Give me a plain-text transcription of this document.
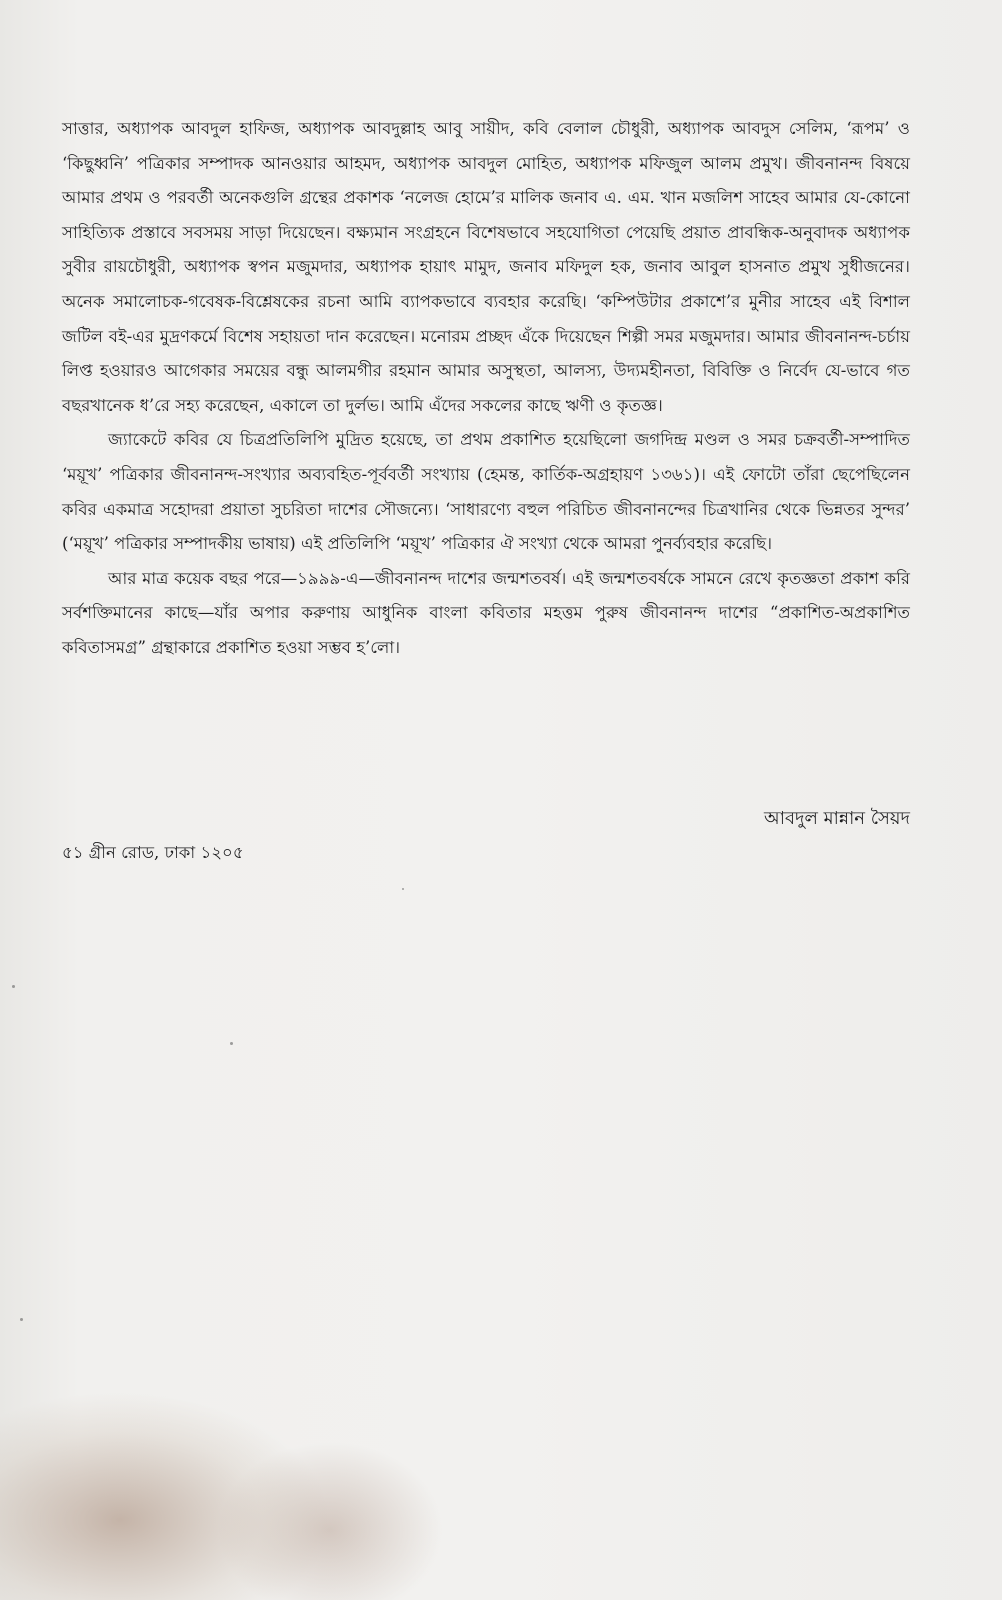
সাত্তার, অধ্যাপক আবদুল হাফিজ, অধ্যাপক আবদুল্লাহ আবু সায়ীদ, কবি বেলাল চৌধুরী, অধ্যাপক আবদুস সেলিম, ‘রূপম’ ও ‘কিছুধ্বনি’ পত্রিকার সম্পাদক আনওয়ার আহমদ, অধ্যাপক আবদুল মোহিত, অধ্যাপক মফিজুল আলম প্রমুখ। জীবনানন্দ বিষয়ে আমার প্রথম ও পরবর্তী অনেকগুলি গ্রন্থের প্রকাশক ‘নলেজ হোমে’র মালিক জনাব এ. এম. খান মজলিশ সাহেব আমার যে-কোনো সাহিত্যিক প্রস্তাবে সবসময় সাড়া দিয়েছেন। বক্ষ্যমান সংগ্রহনে বিশেষভাবে সহযোগিতা পেয়েছি প্রয়াত প্রাবন্ধিক-অনুবাদক অধ্যাপক সুবীর রায়চৌধুরী, অধ্যাপক স্বপন মজুমদার, অধ্যাপক হায়াৎ মামুদ, জনাব মফিদুল হক, জনাব আবুল হাসনাত প্রমুখ সুধীজনের। অনেক সমালোচক-গবেষক-বিশ্লেষকের রচনা আমি ব্যাপকভাবে ব্যবহার করেছি। ‘কম্পিউটার প্রকাশে’র মুনীর সাহেব এই বিশাল জটিল বই-এর মুদ্রণকর্মে বিশেষ সহায়তা দান করেছেন। মনোরম প্রচ্ছদ এঁকে দিয়েছেন শিল্পী সমর মজুমদার। আমার জীবনানন্দ-চর্চায় লিপ্ত হওয়ারও আগেকার সময়ের বন্ধু আলমগীর রহমান আমার অসুস্থতা, আলস্য, উদ্যমহীনতা, বিবিক্তি ও নির্বেদ যে-ভাবে গত বছরখানেক ধ’রে সহ্য করেছেন, একালে তা দুর্লভ। আমি এঁদের সকলের কাছে ঋণী ও কৃতজ্ঞ।

জ্যাকেটে কবির যে চিত্রপ্রতিলিপি মুদ্রিত হয়েছে, তা প্রথম প্রকাশিত হয়েছিলো জগদিন্দ্র মণ্ডল ও সমর চক্রবর্তী-সম্পাদিত ‘ময়ূখ’ পত্রিকার জীবনানন্দ-সংখ্যার অব্যবহিত-পূর্ববর্তী সংখ্যায় (হেমন্ত, কার্তিক-অগ্রহায়ণ ১৩৬১)। এই ফোটো তাঁরা ছেপেছিলেন কবির একমাত্র সহোদরা প্রয়াতা সুচরিতা দাশের সৌজন্যে। ‘সাধারণ্যে বহুল পরিচিত জীবনানন্দের চিত্রখানির থেকে ভিন্নতর সুন্দর’ (‘ময়ূখ’ পত্রিকার সম্পাদকীয় ভাষায়) এই প্রতিলিপি ‘ময়ূখ’ পত্রিকার ঐ সংখ্যা থেকে আমরা পুনর্ব্যবহার করেছি।

আর মাত্র কয়েক বছর পরে—১৯৯৯-এ—জীবনানন্দ দাশের জন্মশতবর্ষ। এই জন্মশতবর্ষকে সামনে রেখে কৃতজ্ঞতা প্রকাশ করি সর্বশক্তিমানের কাছে—যাঁর অপার করুণায় আধুনিক বাংলা কবিতার মহত্তম পুরুষ জীবনানন্দ দাশের “প্রকাশিত-অপ্রকাশিত কবিতাসমগ্র” গ্রন্থাকারে প্রকাশিত হওয়া সম্ভব হ’লো।

আবদুল মান্নান সৈয়দ
৫১ গ্রীন রোড, ঢাকা ১২০৫
